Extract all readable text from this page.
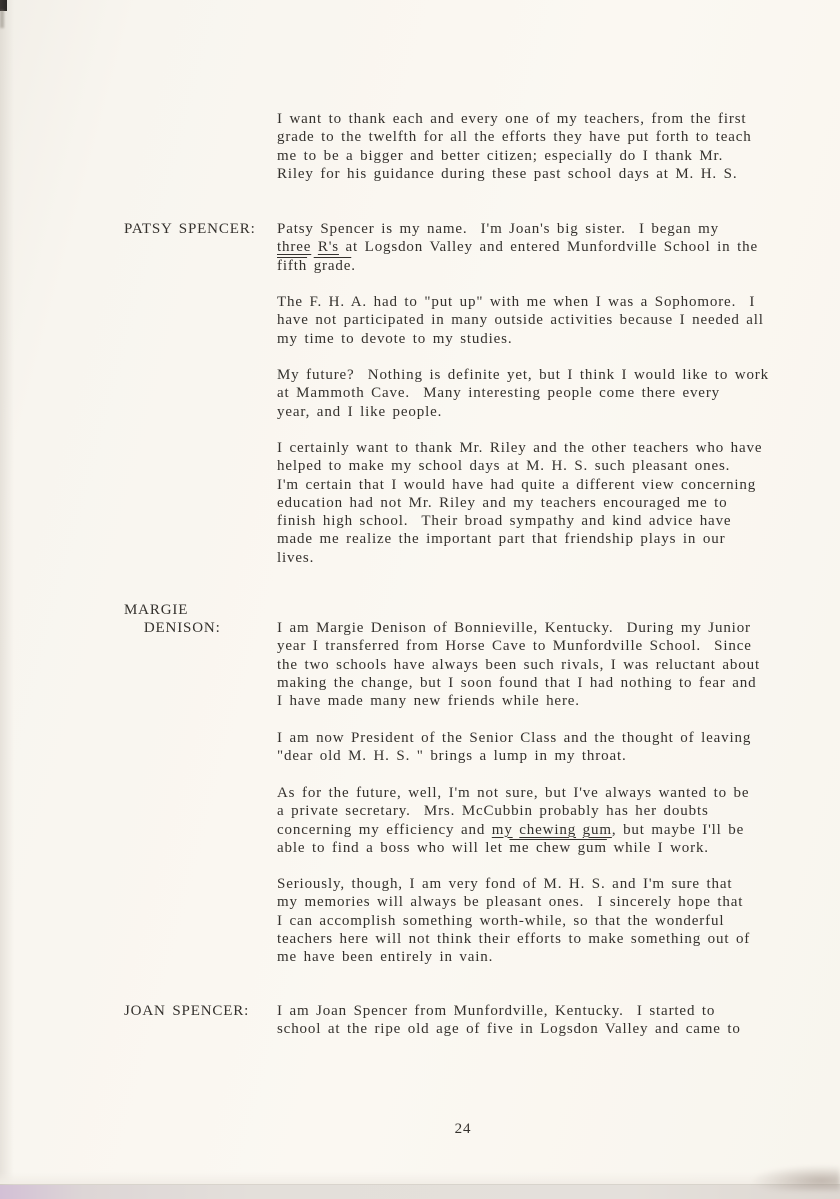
I want to thank each and every one of my teachers, from the first
grade to the twelfth for all the efforts they have put forth to teach
me to be a bigger and better citizen; especially do I thank Mr.
Riley for his guidance during these past school days at M. H. S.
PATSY SPENCER:	Patsy Spencer is my name.  I'm Joan's big sister.  I began my
three R's at Logsdon Valley and entered Munfordville School in the
fifth grade.
The F. H. A. had to "put up" with me when I was a Sophomore.  I
have not participated in many outside activities because I needed all
my time to devote to my studies.
My future?  Nothing is definite yet, but I think I would like to work
at Mammoth Cave.  Many interesting people come there every
year, and I like people.
I certainly want to thank Mr. Riley and the other teachers who have
helped to make my school days at M. H. S. such pleasant ones.
I'm certain that I would have had quite a different view concerning
education had not Mr. Riley and my teachers encouraged me to
finish high school.  Their broad sympathy and kind advice have
made me realize the important part that friendship plays in our
lives.
MARGIE
DENISON:	I am Margie Denison of Bonnieville, Kentucky.  During my Junior
year I transferred from Horse Cave to Munfordville School.  Since
the two schools have always been such rivals, I was reluctant about
making the change, but I soon found that I had nothing to fear and
I have made many new friends while here.
I am now President of the Senior Class and the thought of leaving
"dear old M. H. S. " brings a lump in my throat.
As for the future, well, I'm not sure, but I've always wanted to be
a private secretary.  Mrs. McCubbin probably has her doubts
concerning my efficiency and my chewing gum, but maybe I'll be
able to find a boss who will let me chew gum while I work.
Seriously, though, I am very fond of M. H. S. and I'm sure that
my memories will always be pleasant ones.  I sincerely hope that
I can accomplish something worth-while, so that the wonderful
teachers here will not think their efforts to make something out of
me have been entirely in vain.
JOAN SPENCER:	I am Joan Spencer from Munfordville, Kentucky.  I started to
school at the ripe old age of five in Logsdon Valley and came to
24
